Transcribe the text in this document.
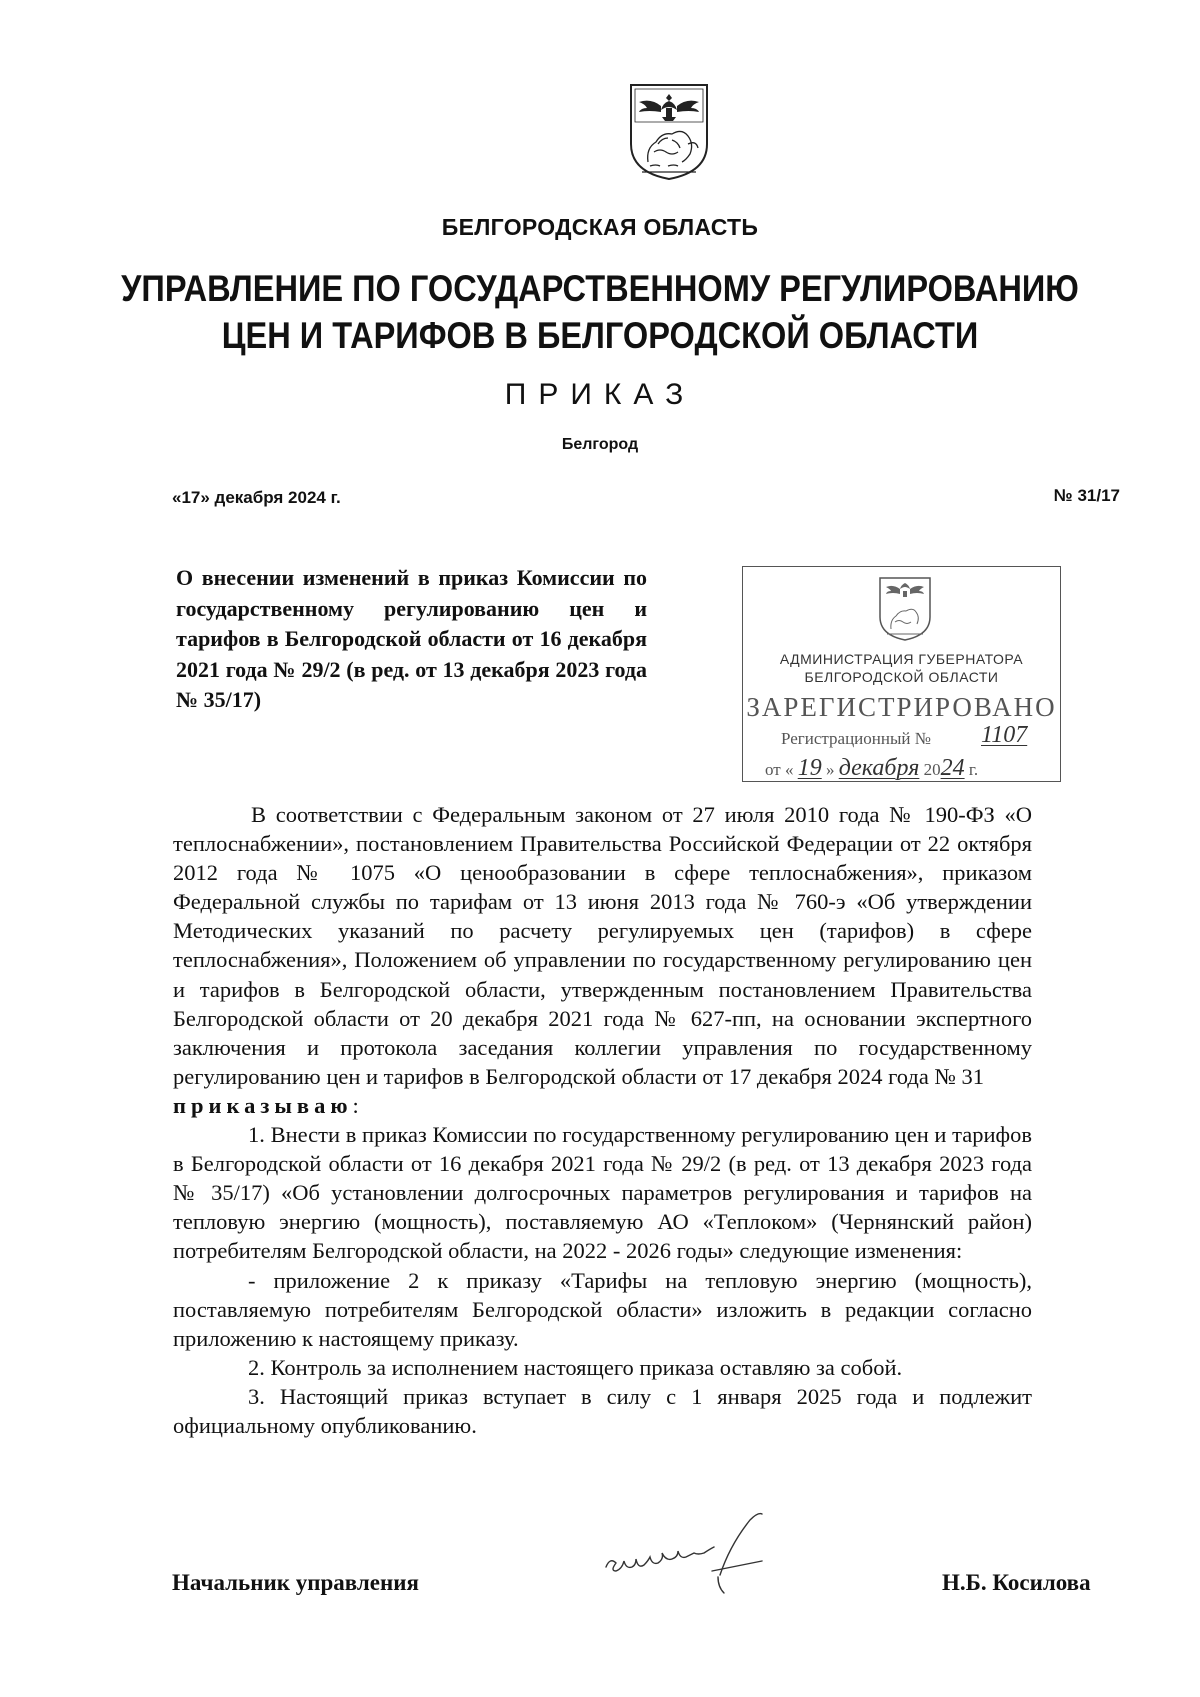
БЕЛГОРОДСКАЯ ОБЛАСТЬ
УПРАВЛЕНИЕ ПО ГОСУДАРСТВЕННОМУ РЕГУЛИРОВАНИЮ
ЦЕН И ТАРИФОВ В БЕЛГОРОДСКОЙ ОБЛАСТИ
ПРИКАЗ
Белгород
«17» декабря 2024 г.	№ 31/17
О внесении изменений в приказ Комиссии по государственному регулированию цен и тарифов в Белгородской области от 16 декабря 2021 года № 29/2 (в ред. от 13 декабря 2023 года № 35/17)
АДМИНИСТРАЦИЯ ГУБЕРНАТОРА
БЕЛГОРОДСКОЙ ОБЛАСТИ
ЗАРЕГИСТРИРОВАНО
Регистрационный № 1107
от « 19 » декабря 2024 г.

В соответствии с Федеральным законом от 27 июля 2010 года № 190-ФЗ «О теплоснабжении», постановлением Правительства Российской Федерации от 22 октября 2012 года № 1075 «О ценообразовании в сфере теплоснабжения», приказом Федеральной службы по тарифам от 13 июня 2013 года № 760-э «Об утверждении Методических указаний по расчету регулируемых цен (тарифов) в сфере теплоснабжения», Положением об управлении по государственному регулированию цен и тарифов в Белгородской области, утвержденным постановлением Правительства Белгородской области от 20 декабря 2021 года № 627-пп, на основании экспертного заключения и протокола заседания коллегии управления по государственному регулированию цен и тарифов в Белгородской области от 17 декабря 2024 года № 31

приказываю:

1. Внести в приказ Комиссии по государственному регулированию цен и тарифов в Белгородской области от 16 декабря 2021 года № 29/2 (в ред. от 13 декабря 2023 года № 35/17) «Об установлении долгосрочных параметров регулирования и тарифов на тепловую энергию (мощность), поставляемую АО «Теплоком» (Чернянский район) потребителям Белгородской области, на 2022 - 2026 годы» следующие изменения:

- приложение 2 к приказу «Тарифы на тепловую энергию (мощность), поставляемую потребителям Белгородской области» изложить в редакции согласно приложению к настоящему приказу.

2. Контроль за исполнением настоящего приказа оставляю за собой.

3. Настоящий приказ вступает в силу с 1 января 2025 года и подлежит официальному опубликованию.

Начальник управления	Н.Б. Косилова
